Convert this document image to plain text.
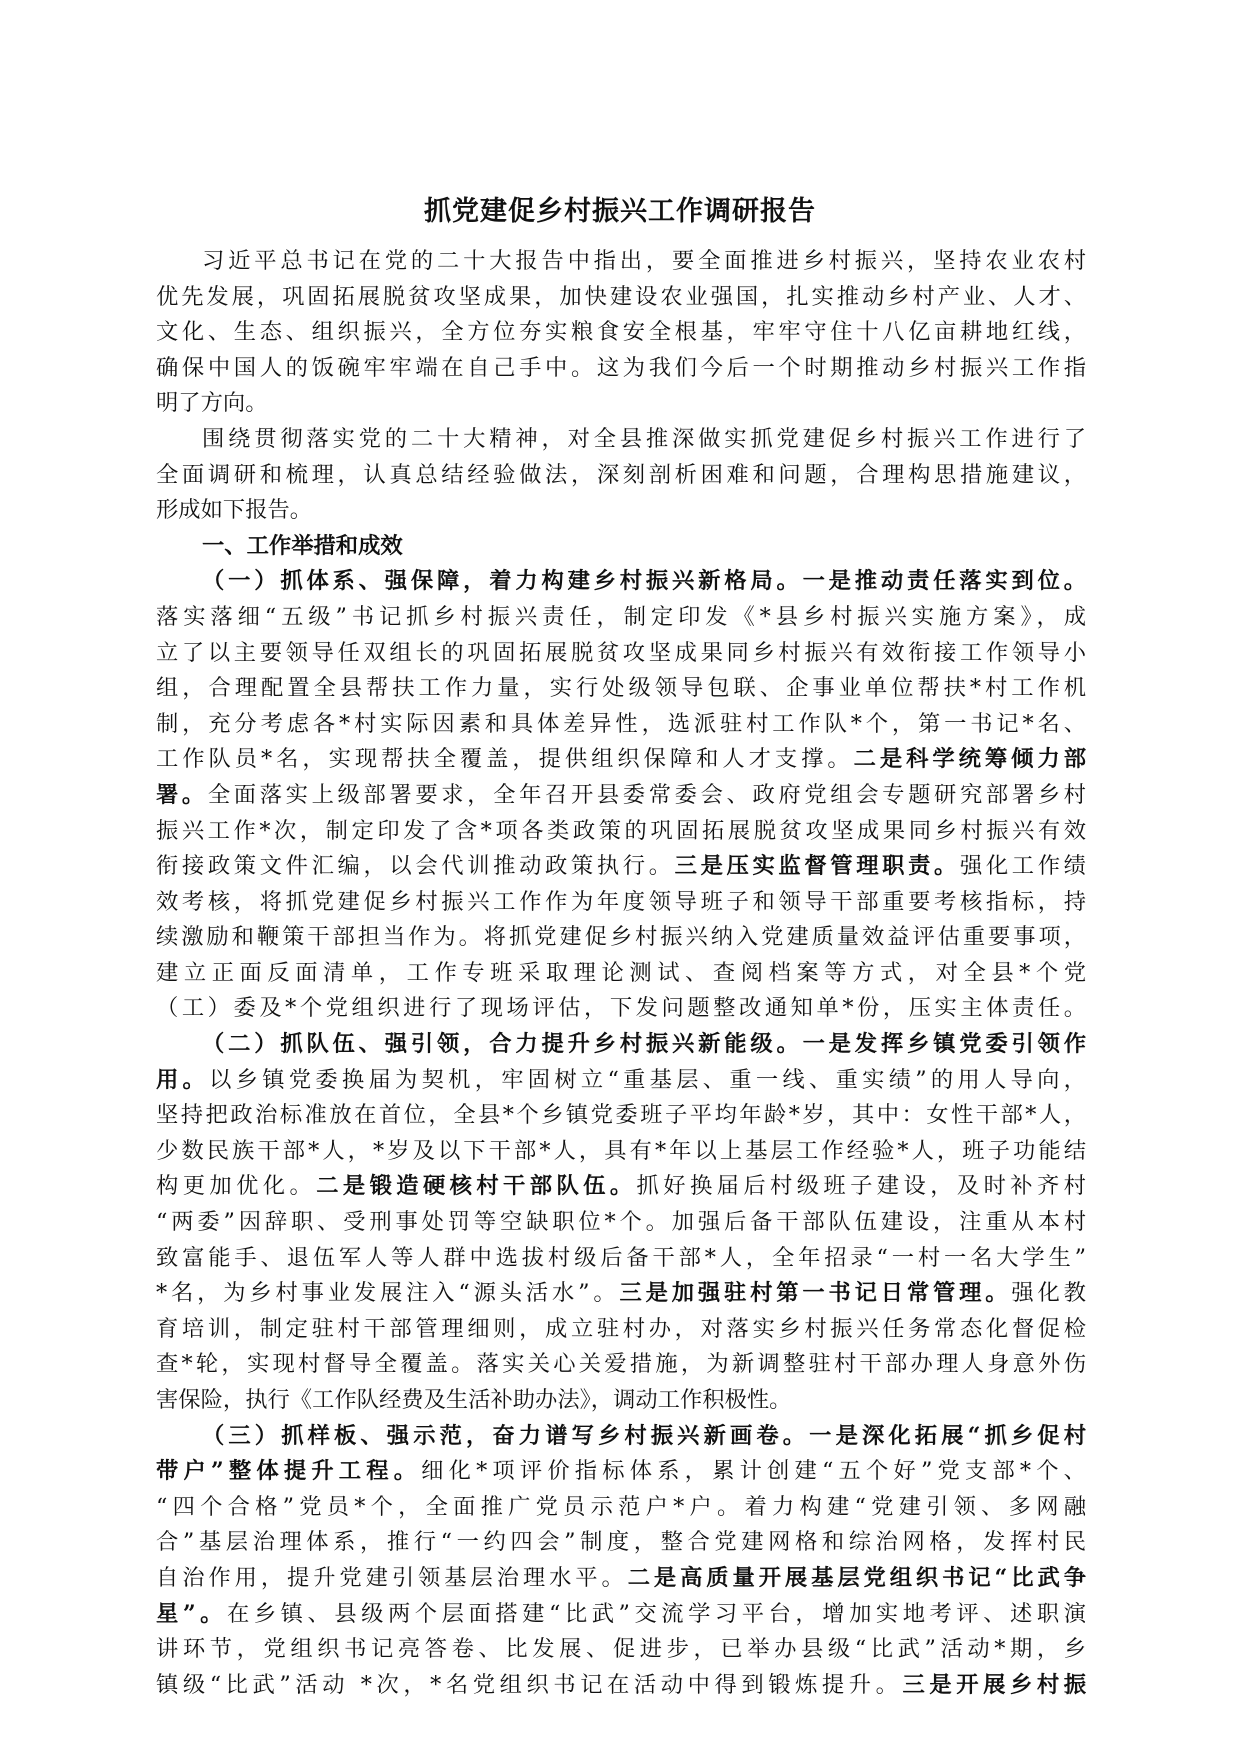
抓党建促乡村振兴工作调研报告
习近平总书记在党的二十大报告中指出，要全面推进乡村振兴，坚持农业农村
优先发展，巩固拓展脱贫攻坚成果，加快建设农业强国，扎实推动乡村产业、人才、
文化、生态、组织振兴，全方位夯实粮食安全根基，牢牢守住十八亿亩耕地红线，
确保中国人的饭碗牢牢端在自己手中。这为我们今后一个时期推动乡村振兴工作指
明了方向。
围绕贯彻落实党的二十大精神，对全县推深做实抓党建促乡村振兴工作进行了
全面调研和梳理，认真总结经验做法，深刻剖析困难和问题，合理构思措施建议，
形成如下报告。
一、工作举措和成效
（一）抓体系、强保障，着力构建乡村振兴新格局。一是推动责任落实到位。
落实落细“五级”书记抓乡村振兴责任，制定印发《*县乡村振兴实施方案》，成
立了以主要领导任双组长的巩固拓展脱贫攻坚成果同乡村振兴有效衔接工作领导小
组，合理配置全县帮扶工作力量，实行处级领导包联、企事业单位帮扶*村工作机
制，充分考虑各*村实际因素和具体差异性，选派驻村工作队*个，第一书记*名、
工作队员*名，实现帮扶全覆盖，提供组织保障和人才支撑。二是科学统筹倾力部
署。全面落实上级部署要求，全年召开县委常委会、政府党组会专题研究部署乡村
振兴工作*次，制定印发了含*项各类政策的巩固拓展脱贫攻坚成果同乡村振兴有效
衔接政策文件汇编，以会代训推动政策执行。三是压实监督管理职责。强化工作绩
效考核，将抓党建促乡村振兴工作作为年度领导班子和领导干部重要考核指标，持
续激励和鞭策干部担当作为。将抓党建促乡村振兴纳入党建质量效益评估重要事项，
建立正面反面清单，工作专班采取理论测试、查阅档案等方式，对全县*个党
（工）委及*个党组织进行了现场评估，下发问题整改通知单*份，压实主体责任。
（二）抓队伍、强引领，合力提升乡村振兴新能级。一是发挥乡镇党委引领作
用。以乡镇党委换届为契机，牢固树立“重基层、重一线、重实绩”的用人导向，
坚持把政治标准放在首位，全县*个乡镇党委班子平均年龄*岁，其中：女性干部*人，
少数民族干部*人，*岁及以下干部*人，具有*年以上基层工作经验*人，班子功能结
构更加优化。二是锻造硬核村干部队伍。抓好换届后村级班子建设，及时补齐村
“两委”因辞职、受刑事处罚等空缺职位*个。加强后备干部队伍建设，注重从本村
致富能手、退伍军人等人群中选拔村级后备干部*人，全年招录“一村一名大学生”
*名，为乡村事业发展注入“源头活水”。三是加强驻村第一书记日常管理。强化教
育培训，制定驻村干部管理细则，成立驻村办，对落实乡村振兴任务常态化督促检
查*轮，实现村督导全覆盖。落实关心关爱措施，为新调整驻村干部办理人身意外伤
害保险，执行《工作队经费及生活补助办法》，调动工作积极性。
（三）抓样板、强示范，奋力谱写乡村振兴新画卷。一是深化拓展“抓乡促村
带户”整体提升工程。细化*项评价指标体系，累计创建“五个好”党支部*个、
“四个合格”党员*个，全面推广党员示范户*户。着力构建“党建引领、多网融
合”基层治理体系，推行“一约四会”制度，整合党建网格和综治网格，发挥村民
自治作用，提升党建引领基层治理水平。二是高质量开展基层党组织书记“比武争
星”。在乡镇、县级两个层面搭建“比武”交流学习平台，增加实地考评、述职演
讲环节，党组织书记亮答卷、比发展、促进步，已举办县级“比武”活动*期，乡
镇级“比武”活动 *次，*名党组织书记在活动中得到锻炼提升。三是开展乡村振
